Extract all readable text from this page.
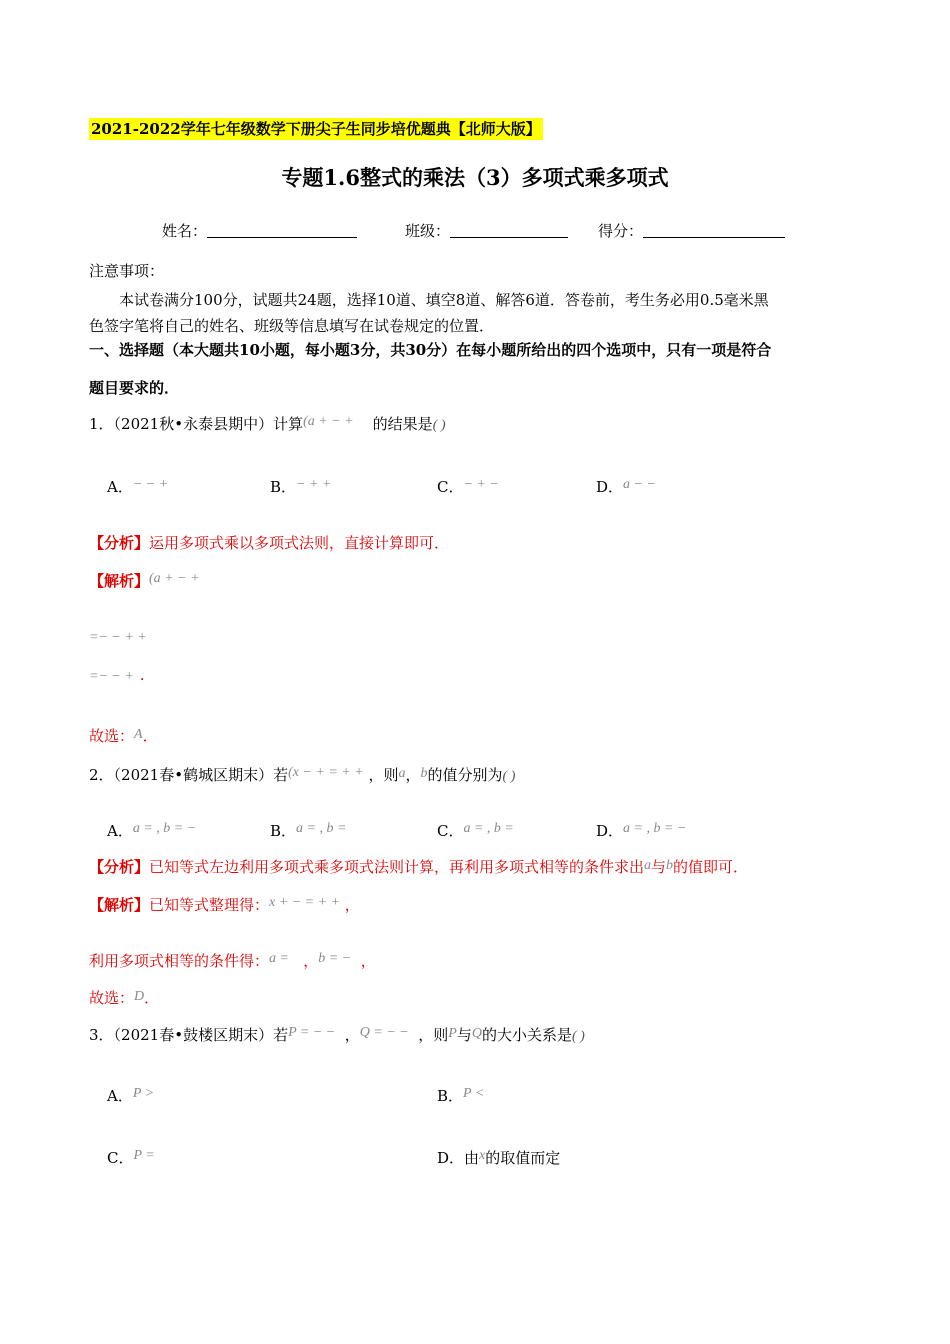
2021-2022学年七年级数学下册尖子生同步培优题典【北师大版】
专题1.6整式的乘法（3）多项式乘多项式
姓名：	班级：	得分：
注意事项：
本试卷满分100分，试题共24题，选择10道、填空8道、解答6道．答卷前，考生务必用0.5毫米黑
色签字笔将自己的姓名、班级等信息填写在试卷规定的位置．
一、选择题（本大题共10小题，每小题3分，共30分）在每小题所给出的四个选项中，只有一项是符合
题目要求的．
1．（2021秋•永泰县期中）计算(a + − + 的结果是( )
A．− − +	B．− + +	C．− + −	D．a − −
【分析】运用多项式乘以多项式法则，直接计算即可．
【解析】(a + − +
=− − + +
=− − + .
故选：A．
2．（2021春•鹤城区期末）若(x − + = + + ，则a，b的值分别为( )
A．a = , b = −	B．a = , b =	C．a = , b =	D．a = , b = −
【分析】已知等式左边利用多项式乘多项式法则计算，再利用多项式相等的条件求出a与b的值即可．
【解析】已知等式整理得：x + − = + + ，
利用多项式相等的条件得：a = ，b = − ，
故选：D．
3．（2021春•鼓楼区期末）若P = − − ，Q = − − ，则P与Q的大小关系是( )
A．P >	B．P <
C．P =	D．由x的取值而定
